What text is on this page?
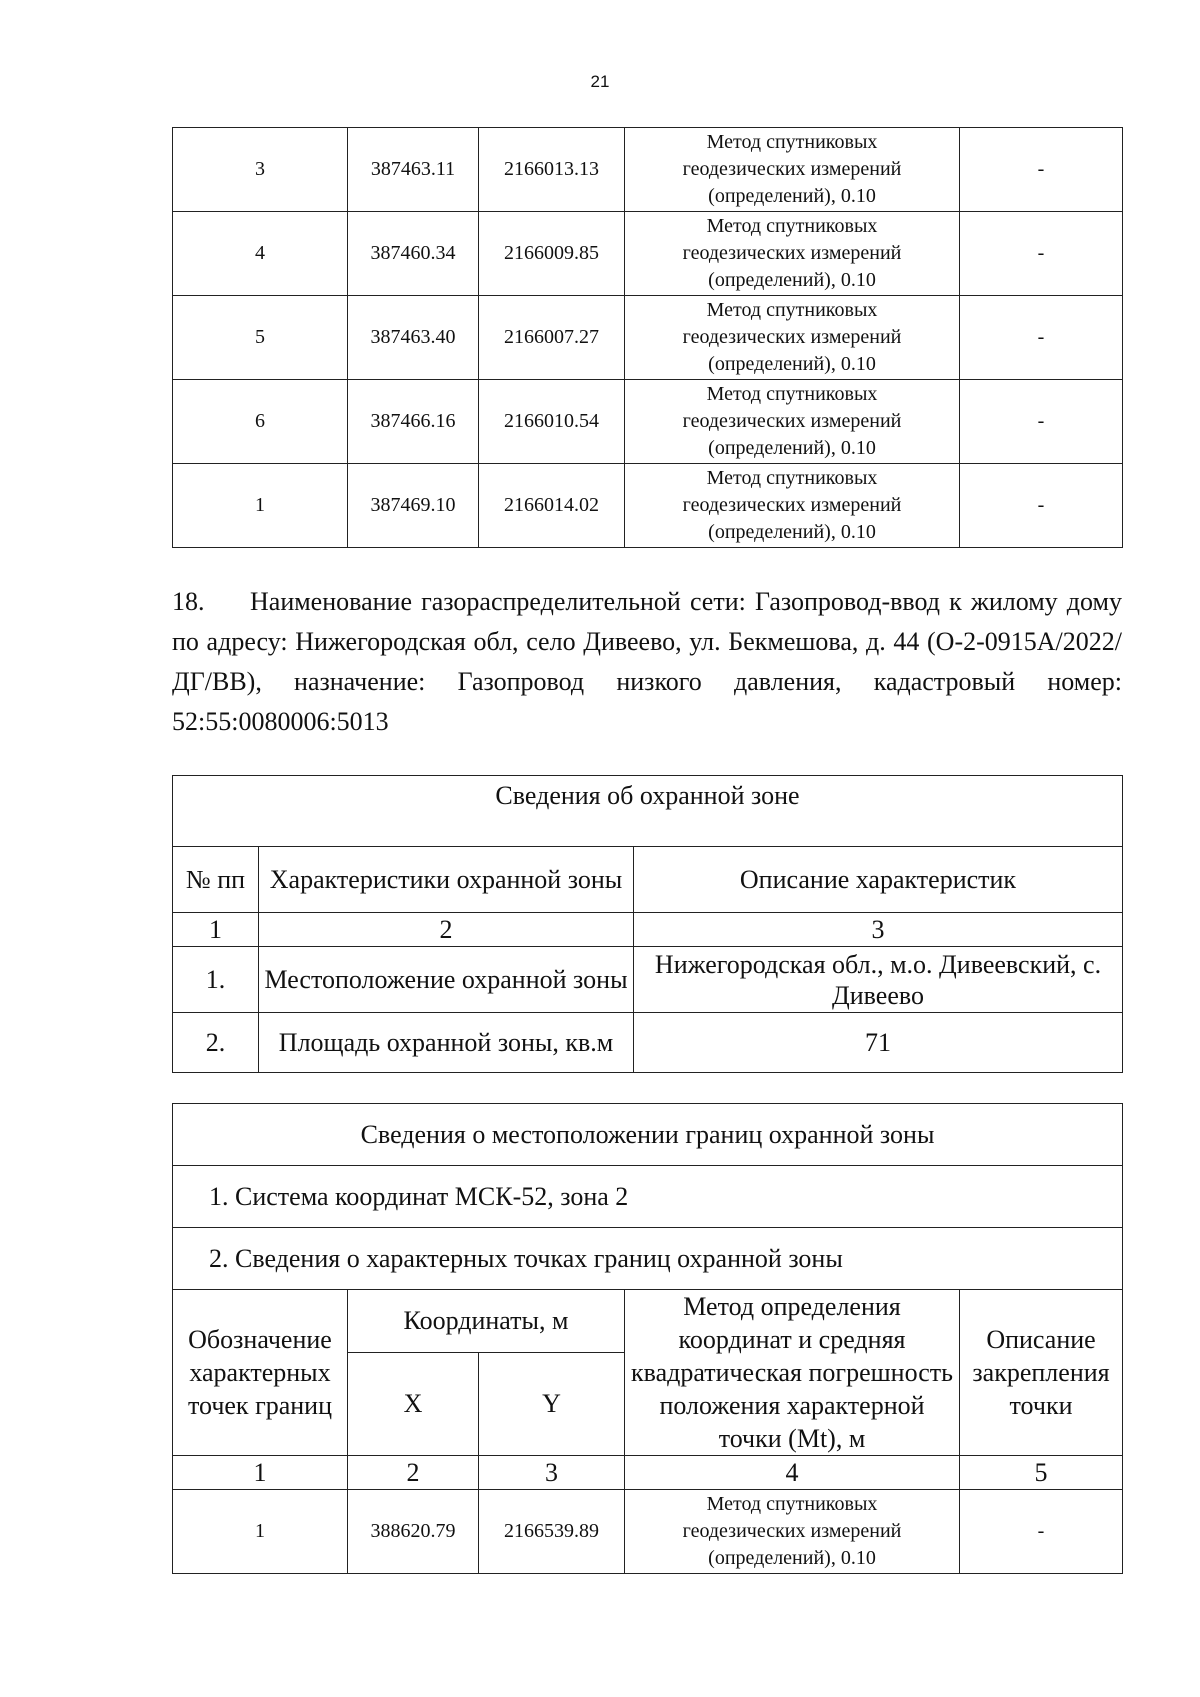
21
3	387463.11	2166013.13	Метод спутниковых
геодезических измерений
(определений), 0.10	-
4	387460.34	2166009.85	Метод спутниковых
геодезических измерений
(определений), 0.10	-
5	387463.40	2166007.27	Метод спутниковых
геодезических измерений
(определений), 0.10	-
6	387466.16	2166010.54	Метод спутниковых
геодезических измерений
(определений), 0.10	-
1	387469.10	2166014.02	Метод спутниковых
геодезических измерений
(определений), 0.10	-

18. Наименование газораспределительной сети: Газопровод-ввод к жилому дому по адресу: Нижегородская обл, село Дивеево, ул. Бекмешова, д. 44 (О-2-0915А/2022/ДГ/ВВ), назначение: Газопровод низкого давления, кадастровый номер: 52:55:0080006:5013

Сведения об охранной зоне		
№ пп	Характеристики охранной зоны	Описание характеристик
1	2	3
1.	Местоположение охранной зоны	Нижегородская обл., м.о. Дивеевский, с. Дивеево
2.	Площадь охранной зоны, кв.м	71
Сведения о местоположении границ охранной зоны				
1. Система координат МСК-52, зона 2				
2. Сведения о характерных точках границ охранной зоны				
Обозначение характерных точек границ	Координаты, м		Метод определения координат и средняя квадратическая погрешность положения характерной точки (Mt), м	Описание закрепления точки
	X	Y		
1	2	3	4	5
1	388620.79	2166539.89	Метод спутниковых
геодезических измерений
(определений), 0.10	-
